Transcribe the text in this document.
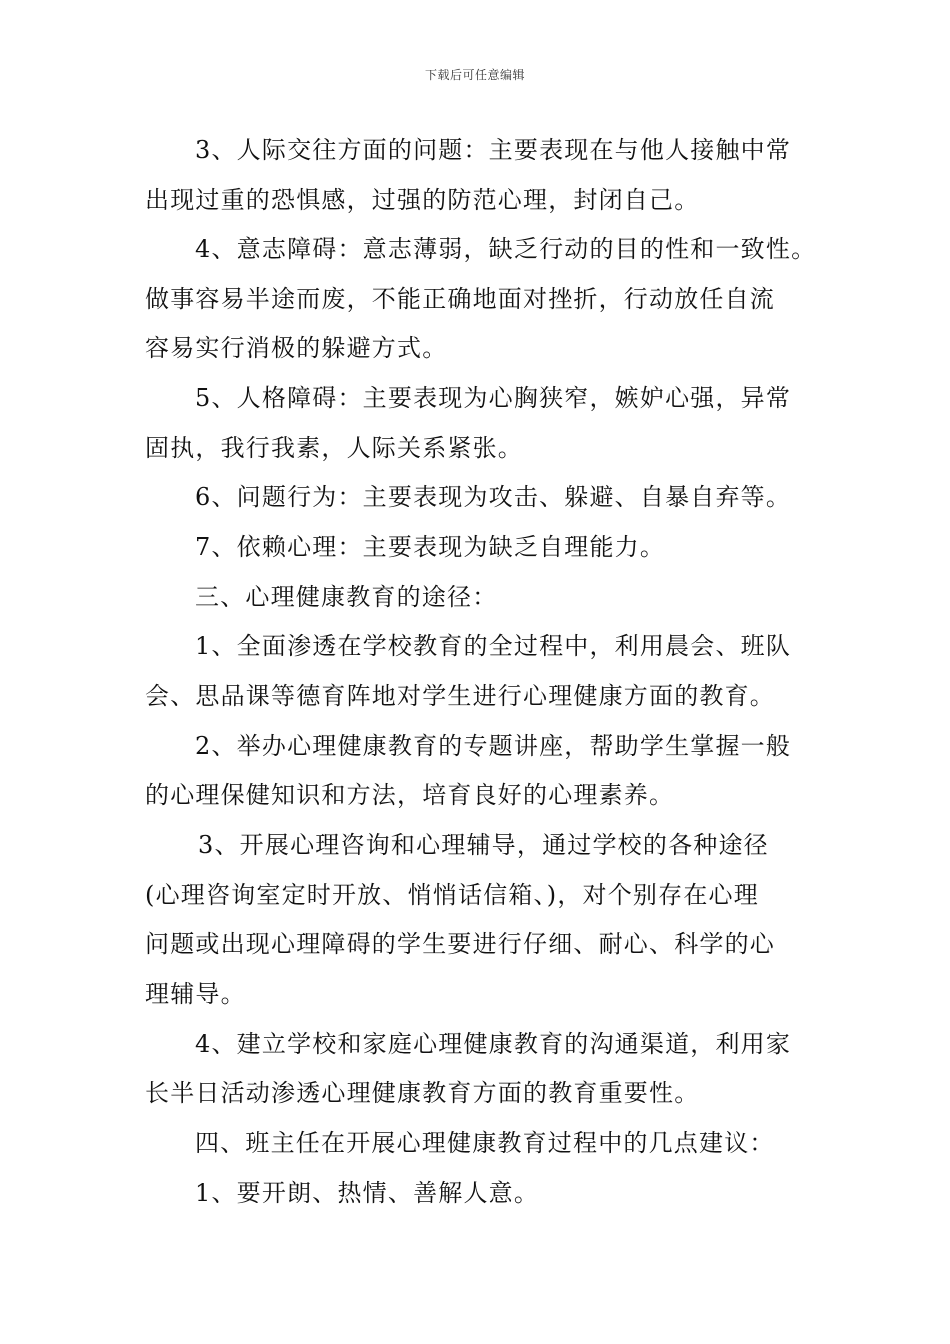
下载后可任意编辑
3、人际交往方面的问题：主要表现在与他人接触中常
出现过重的恐惧感，过强的防范心理，封闭自己。
4、意志障碍：意志薄弱，缺乏行动的目的性和一致性。
做事容易半途而废，不能正确地面对挫折，行动放任自流
容易实行消极的躲避方式。
5、人格障碍：主要表现为心胸狭窄，嫉妒心强，异常
固执，我行我素，人际关系紧张。
6、问题行为：主要表现为攻击、躲避、自暴自弃等。
7、依赖心理：主要表现为缺乏自理能力。
三、心理健康教育的途径：
1、全面渗透在学校教育的全过程中，利用晨会、班队
会、思品课等德育阵地对学生进行心理健康方面的教育。
2、举办心理健康教育的专题讲座，帮助学生掌握一般
的心理保健知识和方法，培育良好的心理素养。
3、开展心理咨询和心理辅导，通过学校的各种途径
(心理咨询室定时开放、悄悄话信箱、)，对个别存在心理
问题或出现心理障碍的学生要进行仔细、耐心、科学的心
理辅导。
4、建立学校和家庭心理健康教育的沟通渠道，利用家
长半日活动渗透心理健康教育方面的教育重要性。
四、班主任在开展心理健康教育过程中的几点建议：
1、要开朗、热情、善解人意。
